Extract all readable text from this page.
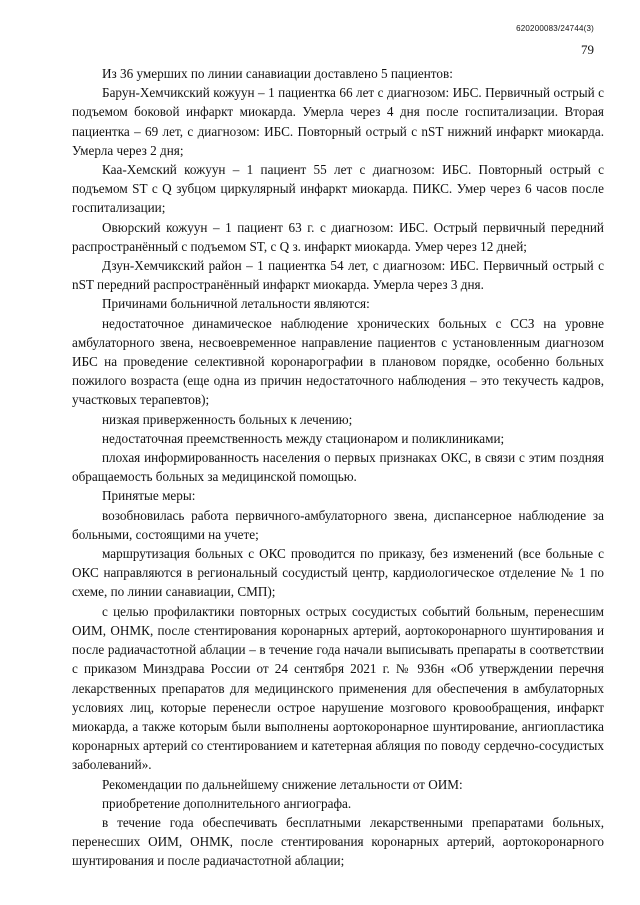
620200083/24744(3)
79

Из 36 умерших по линии санавиации доставлено 5 пациентов:

Барун-Хемчикский кожуун – 1 пациентка 66 лет с диагнозом: ИБС. Первичный острый с подъемом боковой инфаркт миокарда. Умерла через 4 дня после госпитализации. Вторая пациентка – 69 лет, с диагнозом: ИБС. Повторный острый с nST нижний инфаркт миокарда. Умерла через 2 дня;

Каа-Хемский кожуун – 1 пациент 55 лет с диагнозом: ИБС. Повторный острый с подъемом ST с Q зубцом циркулярный инфаркт миокарда. ПИКС. Умер через 6 часов после госпитализации;

Овюрский кожуун – 1 пациент 63 г. с диагнозом: ИБС. Острый первичный передний распространённый с подъемом ST, с Q з. инфаркт миокарда. Умер через 12 дней;

Дзун-Хемчикский район – 1 пациентка 54 лет, с диагнозом: ИБС. Первичный острый с nST передний распространённый инфаркт миокарда. Умерла через 3 дня.

Причинами больничной летальности являются:

недостаточное динамическое наблюдение хронических больных с ССЗ на уровне амбулаторного звена, несвоевременное направление пациентов с установленным диагнозом ИБС на проведение селективной коронарографии в плановом порядке, особенно больных пожилого возраста (еще одна из причин недостаточного наблюдения – это текучесть кадров, участковых терапевтов);

низкая приверженность больных к лечению;

недостаточная преемственность между стационаром и поликлиниками;

плохая информированность населения о первых признаках ОКС, в связи с этим поздняя обращаемость больных за медицинской помощью.

Принятые меры:

возобновилась работа первичного-амбулаторного звена, диспансерное наблюдение за больными, состоящими на учете;

маршрутизация больных с ОКС проводится по приказу, без изменений (все больные с ОКС направляются в региональный сосудистый центр, кардиологическое отделение № 1 по схеме, по линии санавиации, СМП);

с целью профилактики повторных острых сосудистых событий больным, перенесшим ОИМ, ОНМК, после стентирования коронарных артерий, аортокоронарного шунтирования и после радиачастотной аблации – в течение года начали выписывать препараты в соответствии с приказом Минздрава России от 24 сентября 2021 г. № 936н «Об утверждении перечня лекарственных препаратов для медицинского применения для обеспечения в амбулаторных условиях лиц, которые перенесли острое нарушение мозгового кровообращения, инфаркт миокарда, а также которым были выполнены аортокоронарное шунтирование, ангиопластика коронарных артерий со стентированием и катетерная абляция по поводу сердечно-сосудистых заболеваний».

Рекомендации по дальнейшему снижение летальности от ОИМ:

приобретение дополнительного ангиографа.

в течение года обеспечивать бесплатными лекарственными препаратами больных, перенесших ОИМ, ОНМК, после стентирования коронарных артерий, аортокоронарного шунтирования и после радиачастотной аблации;
